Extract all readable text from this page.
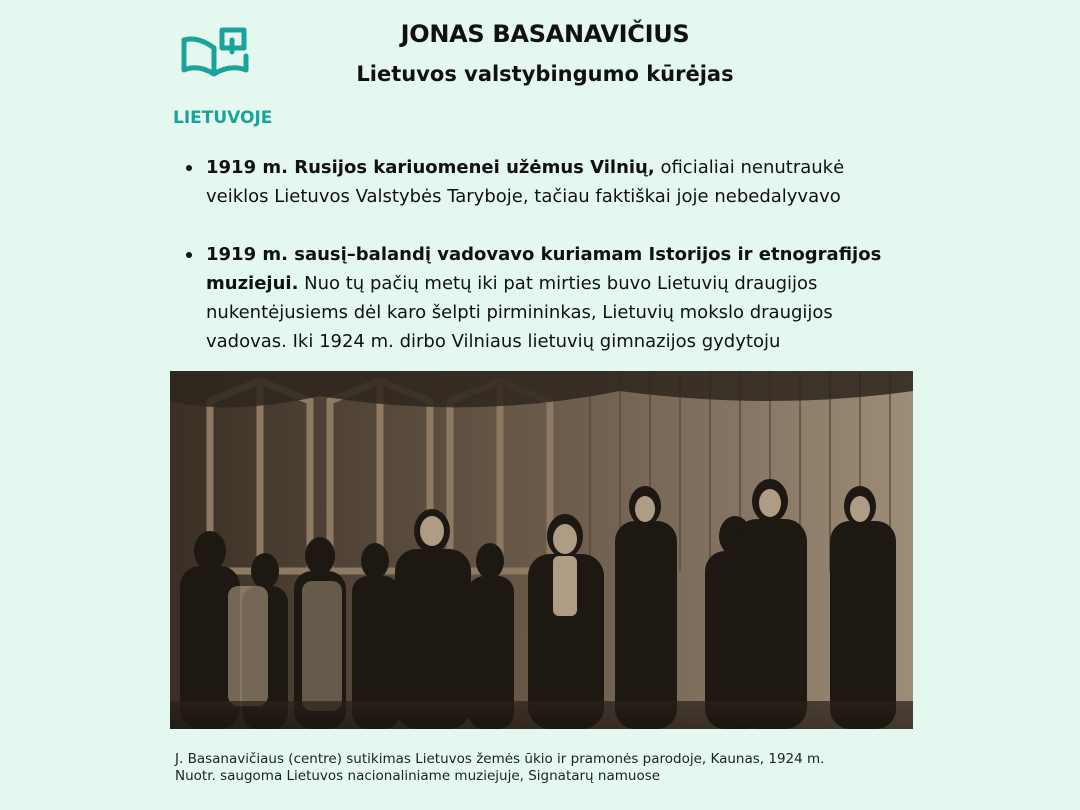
JONAS BASANAVIČIUS
Lietuvos valstybingumo kūrėjas
LIETUVOJE
1919 m. Rusijos kariuomenei užėmus Vilnių, oficialiai nenutraukė veiklos Lietuvos Valstybės Taryboje, tačiau faktiškai joje nebedalyvavo
1919 m. sausį–balandį vadovavo kuriamam Istorijos ir etnografijos muziejui. Nuo tų pačių metų iki pat mirties buvo Lietuvių draugijos nukentėjusiems dėl karo šelpti pirmininkas, Lietuvių mokslo draugijos vadovas. Iki 1924 m. dirbo Vilniaus lietuvių gimnazijos gydytoju
J. Basanavičiaus (centre) sutikimas Lietuvos žemės ūkio ir pramonės parodoje, Kaunas, 1924 m.
Nuotr. saugoma Lietuvos nacionaliniame muziejuje, Signatarų namuose
